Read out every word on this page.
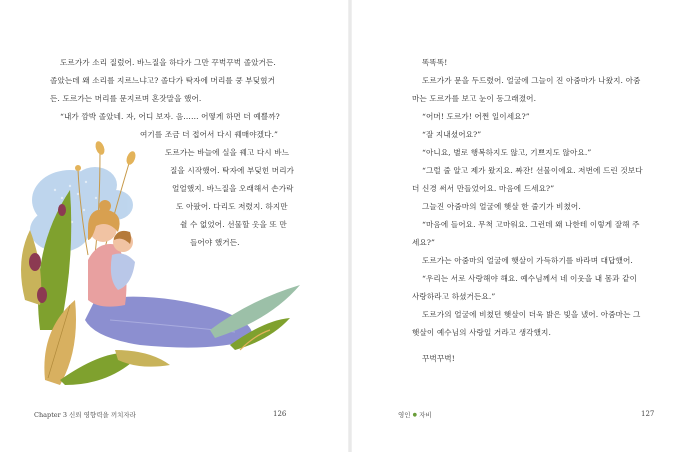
도르가가 소리 질렀어. 바느질을 하다가 그만 꾸벅꾸벅 졸았거든.
졸았는데 왜 소리를 지르느냐고? 졸다가 탁자에 머리를 쿵 부딪혔거
든. 도르가는 머리를 문지르며 혼잣말을 했어.
“내가 깜박 졸았네. 자, 어디 보자. 음…… 어떻게 하면 더 예쁠까?
여기를 조금 더 접어서 다시 꿰매야겠다.”
도르가는 바늘에 실을 꿰고 다시 바느
질을 시작했어. 탁자에 부딪힌 머리가
얼얼했지. 바느질을 오래해서 손가락
도 아팠어. 다리도 저렸지. 하지만
쉴 수 없었어. 선물할 옷을 또 만
들어야 했거든.
Chapter 3 신뢰 영향력을 끼치자라	126
똑똑똑!
도르가가 문을 두드렸어. 얼굴에 그늘이 진 아줌마가 나왔지. 아줌
마는 도르가를 보고 눈이 동그래졌어.
“어머! 도르가! 어쩐 일이세요?”
“잘 지내셨어요?”
“아니요, 별로 행복하지도 않고, 기쁘지도 않아요.”
“그럴 줄 알고 제가 왔지요. 짜잔! 선물이에요. 저번에 드린 것보다
더 신경 써서 만들었어요. 마음에 드세요?”
그늘진 아줌마의 얼굴에 햇살 한 줄기가 비쳤어.
“마음에 들어요. 무척 고마워요. 그런데 왜 나한테 이렇게 잘해 주
세요?”
도르가는 아줌마의 얼굴에 햇살이 가득하기를 바라며 대답했어.
“우리는 서로 사랑해야 해요. 예수님께서 네 이웃을 내 몸과 같이
사랑하라고 하셨거든요.”
도르가의 얼굴에 비쳤던 햇살이 더욱 밝은 빛을 냈어. 아줌마는 그
햇살이 예수님의 사랑일 거라고 생각했지.
꾸벅꾸벅!
영인 ● 자비	127
